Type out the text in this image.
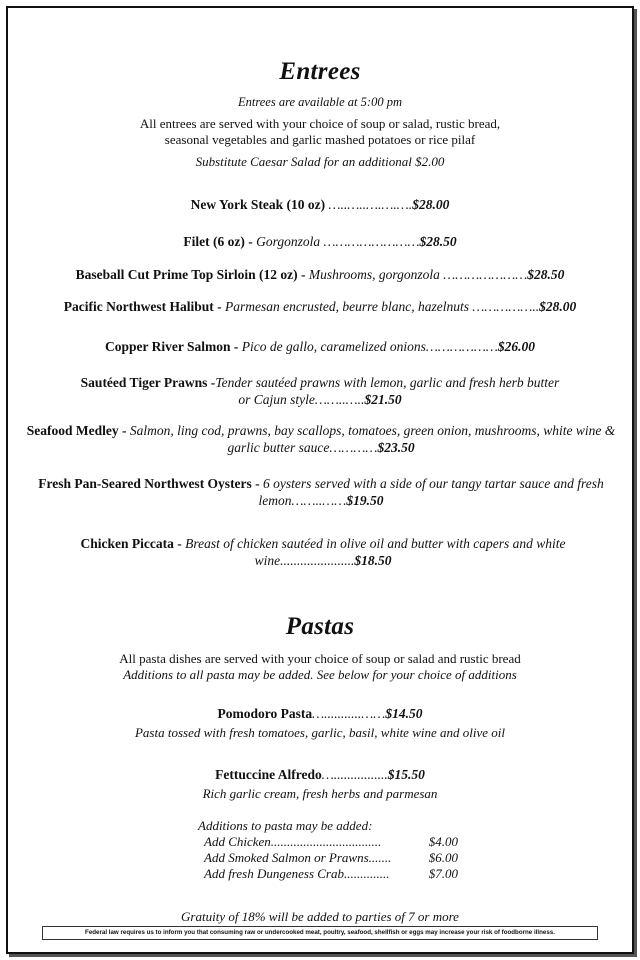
Entrees
Entrees are available at 5:00 pm
All entrees are served with your choice of soup or salad, rustic bread,
seasonal vegetables and garlic mashed potatoes or rice pilaf
Substitute Caesar Salad for an additional $2.00
New York Steak (10 oz) …..…..….….….$28.00
Filet (6 oz) - Gorgonzola ……………………$28.50
Baseball Cut Prime Top Sirloin (12 oz) - Mushrooms, gorgonzola …………………$28.50
Pacific Northwest Halibut - Parmesan encrusted, beurre blanc, hazelnuts ……………..$28.00
Copper River Salmon - Pico de gallo, caramelized onions………………$26.00
Sautéed Tiger Prawns -Tender sautéed prawns with lemon, garlic and fresh herb butter or Cajun style……..…..$21.50
Seafood Medley - Salmon, ling cod, prawns, bay scallops, tomatoes, green onion, mushrooms, white wine & garlic butter sauce…………$23.50
Fresh Pan-Seared Northwest Oysters - 6 oysters served with a side of our tangy tartar sauce and fresh lemon……..……$19.50
Chicken Piccata - Breast of chicken sautéed in olive oil and butter with capers and white wine......................$18.50
Pastas
All pasta dishes are served with your choice of soup or salad and rustic bread
Additions to all pasta may be added. See below for your choice of additions
Pomodoro Pasta…...........……$14.50
Pasta tossed with fresh tomatoes, garlic, basil, white wine and olive oil
Fettuccine Alfredo…................$15.50
Rich garlic cream, fresh herbs and parmesan
Additions to pasta may be added:
Add Chicken..................................	$4.00
Add Smoked Salmon or Prawns.......	$6.00
Add fresh Dungeness Crab..............	$7.00
Gratuity of 18% will be added to parties of 7 or more
Federal law requires us to inform you that consuming raw or undercooked meat, poultry, seafood, shellfish or eggs may increase your risk of foodborne illness.
